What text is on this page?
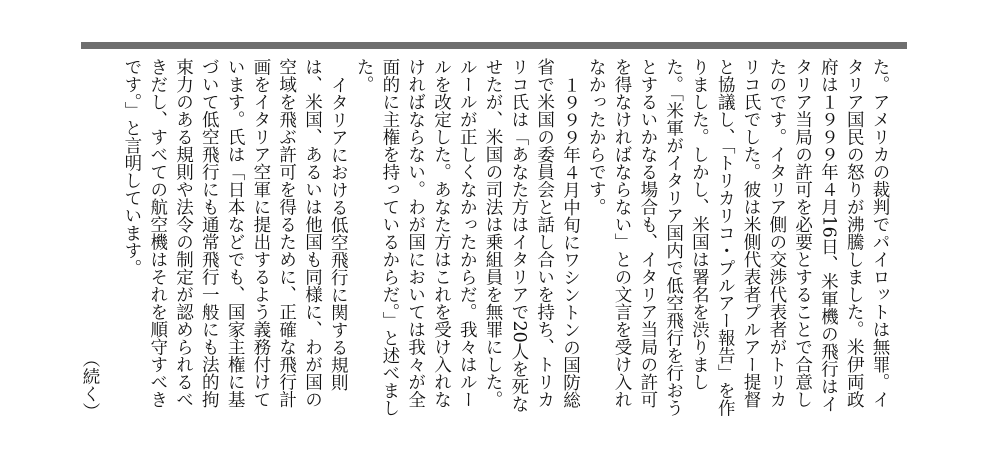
た。アメリカの裁判でパイロットは無罪。イタリア国民の怒りが沸騰しました。米伊両政府は１９９９年４月16日、米軍機の飛行はイタリア当局の許可を必要とすることで合意したのです。イタリア側の交渉代表者がトリカリコ氏でした。彼は米側代表者プルアー提督と協議し、「トリカリコ・プルアー報告」を作りました。しかし、米国は署名を渋りました。「米軍がイタリア国内で低空飛行を行おうとするいかなる場合も、イタリア当局の許可を得なければならない」との文言を受け入れなかったからです。

１９９９年４月中旬にワシントンの国防総省で米国の委員会と話し合いを持ち、トリカリコ氏は「あなた方はイタリアで20人を死なせたが、米国の司法は乗組員を無罪にした。ルールが正しくなかったからだ。我々はルールを改定した。あなた方はこれを受け入れなければならない。わが国においては我々が全面的に主権を持っているからだ。」と述べました。

イタリアにおける低空飛行に関する規則は、米国、あるいは他国も同様に、わが国の空域を飛ぶ許可を得るために、正確な飛行計画をイタリア空軍に提出するよう義務付けています。氏は「日本などでも、国家主権に基づいて低空飛行にも通常飛行一般にも法的拘束力のある規則や法令の制定が認められるべきだし、すべての航空機はそれを順守すべきです。」と言明しています。

（続く）
